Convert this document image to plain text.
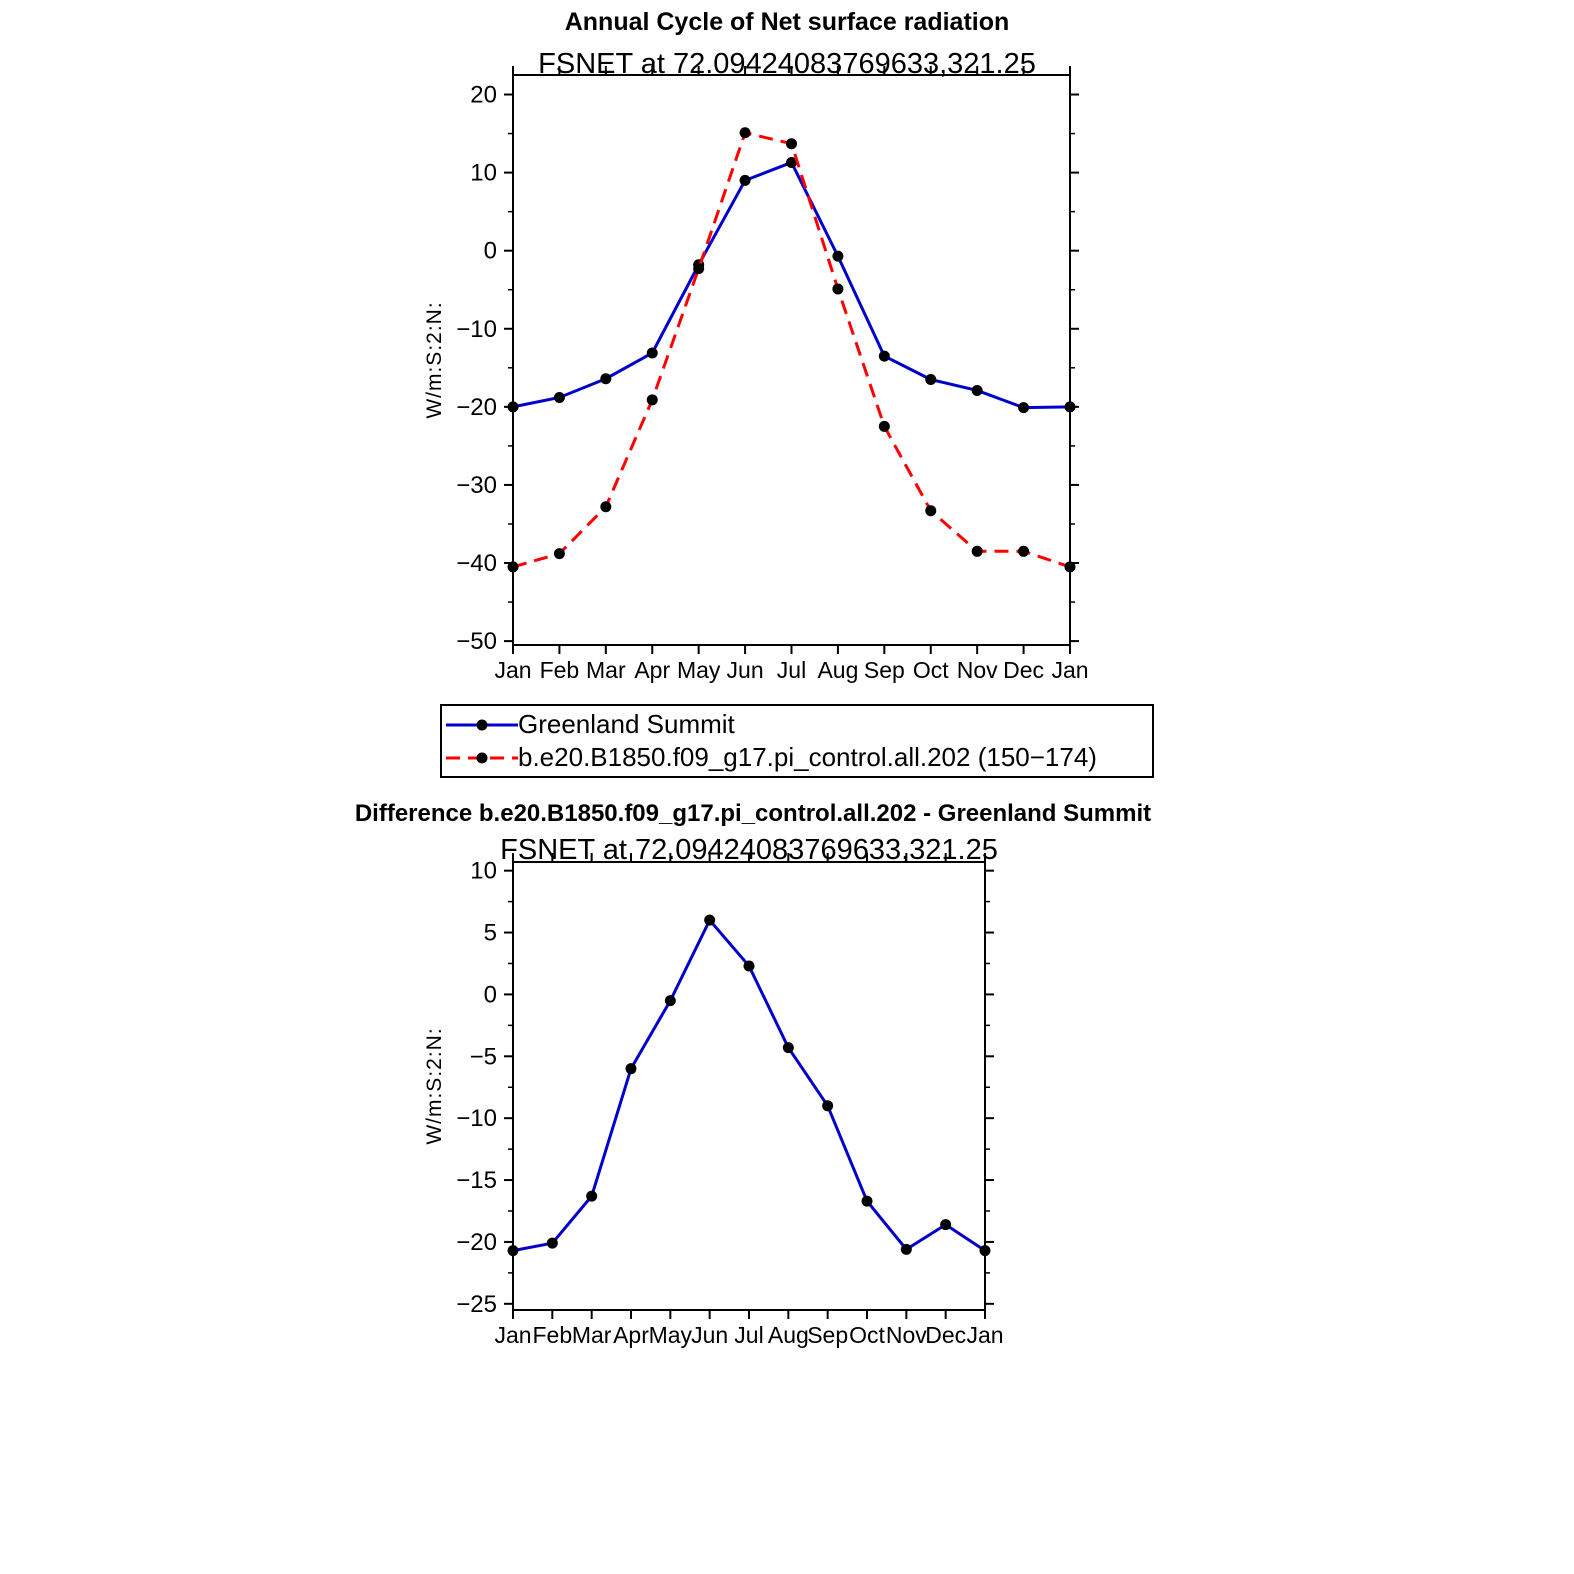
Annual Cycle of Net surface radiation
FSNET at 72.09424083769633,321.25
20
10
0
−10
−20
−30
−40
−50
Jan Feb Mar Apr May Jun Jul Aug Sep Oct Nov Dec Jan
W/m:S:2:N:
10
5
0
−5
−10
−15
−20
−25
Jan Feb Mar Apr May Jun Jul Aug
Sep Oct Nov
Dec Jan
W/m:S:2:N:
Greenland Summit
b.e20.B1850.f09_g17.pi_control.all.202 (150−174)
Difference b.e20.B1850.f09_g17.pi_control.all.202 - Greenland Summit
FSNET at 72.09424083769633,321.25
